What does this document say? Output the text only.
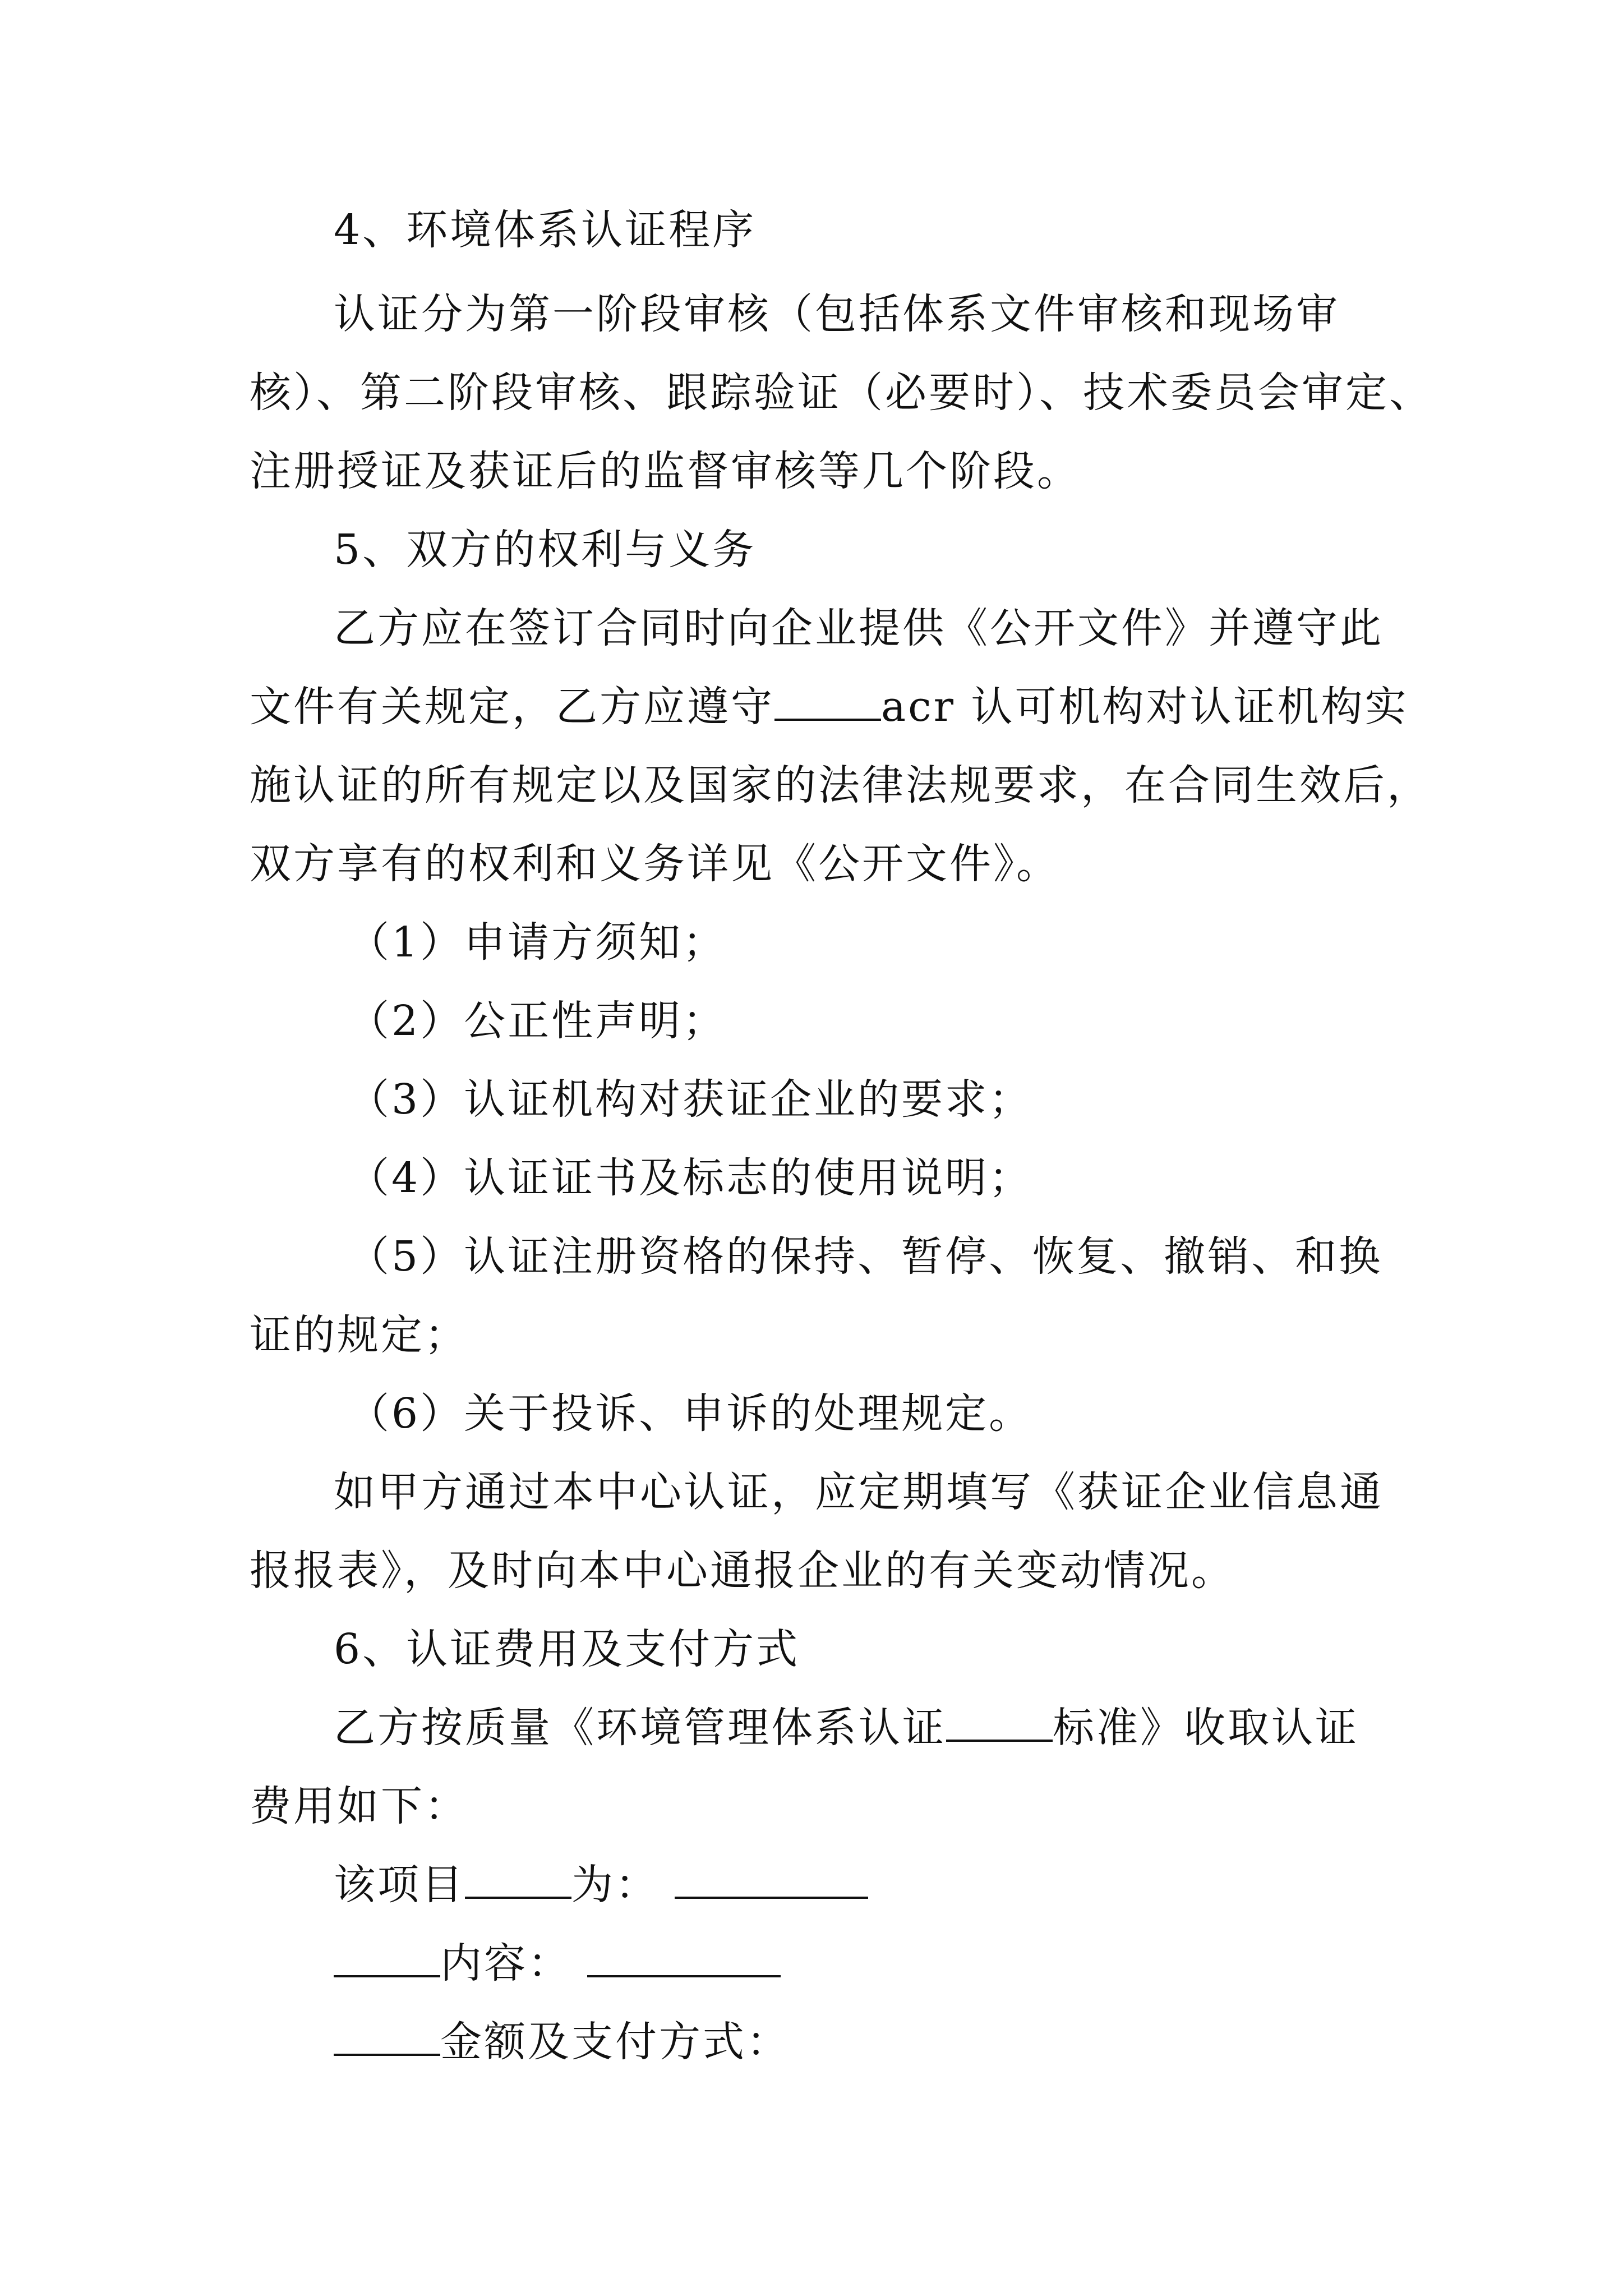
4、环境体系认证程序
认证分为第一阶段审核（包括体系文件审核和现场审
核）、第二阶段审核、跟踪验证（必要时）、技术委员会审定、
注册授证及获证后的监督审核等几个阶段。
5、双方的权利与义务
乙方应在签订合同时向企业提供《公开文件》并遵守此
文件有关规定，乙方应遵守	acr 认可机构对认证机构实
施认证的所有规定以及国家的法律法规要求，在合同生效后，
双方享有的权利和义务详见《公开文件》。
（1）申请方须知；
（2）公正性声明；
（3）认证机构对获证企业的要求；
（4）认证证书及标志的使用说明；
（5）认证注册资格的保持、暂停、恢复、撤销、和换
证的规定；
（6）关于投诉、申诉的处理规定。
如甲方通过本中心认证，应定期填写《获证企业信息通
报报表》，及时向本中心通报企业的有关变动情况。
6、认证费用及支付方式
乙方按质量《环境管理体系认证	标准》收取认证
费用如下：
该项目	为：
内容：
金额及支付方式：
